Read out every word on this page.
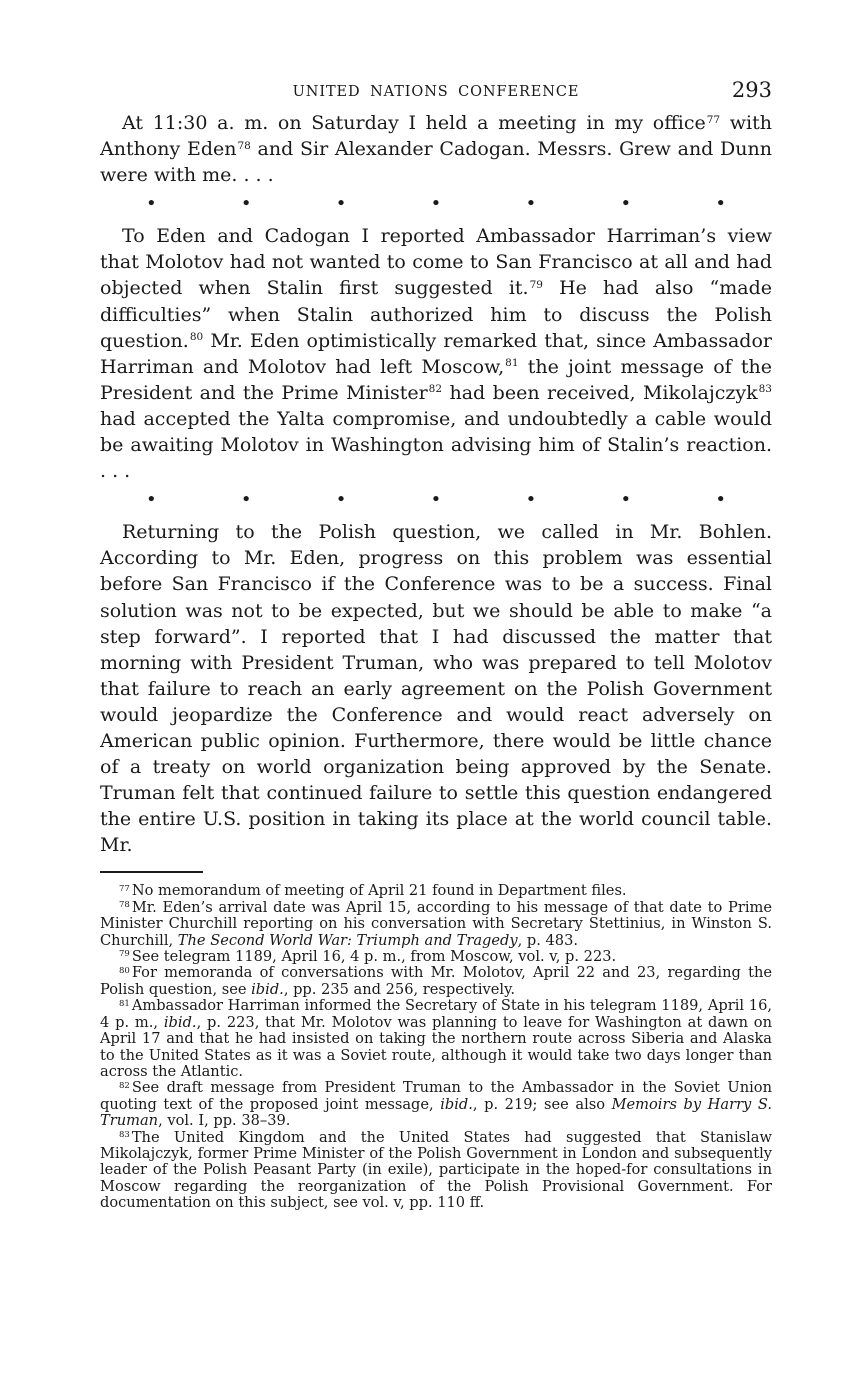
UNITED NATIONS CONFERENCE	293

At 11:30 a. m. on Saturday I held a meeting in my office$^{77}$ with Anthony Eden$^{78}$ and Sir Alexander Cadogan. Messrs. Grew and Dunn were with me. . . .

•	•	•	•	•	•	•

To Eden and Cadogan I reported Ambassador Harriman’s view that Molotov had not wanted to come to San Francisco at all and had objected when Stalin first suggested it.$^{79}$ He had also “made difficulties” when Stalin authorized him to discuss the Polish question.$^{80}$ Mr. Eden optimistically remarked that, since Ambassador Harriman and Molotov had left Moscow,$^{81}$ the joint message of the President and the Prime Minister$^{82}$ had been received, Mikolajczyk$^{83}$ had accepted the Yalta compromise, and undoubtedly a cable would be awaiting Molotov in Washington advising him of Stalin’s reaction. . . .

•	•	•	•	•	•	•

Returning to the Polish question, we called in Mr. Bohlen. According to Mr. Eden, progress on this problem was essential before San Francisco if the Conference was to be a success. Final solution was not to be expected, but we should be able to make “a step forward”. I reported that I had discussed the matter that morning with President Truman, who was prepared to tell Molotov that failure to reach an early agreement on the Polish Government would jeopardize the Conference and would react adversely on American public opinion. Furthermore, there would be little chance of a treaty on world organization being approved by the Senate. Truman felt that continued failure to settle this question endangered the entire U.S. position in taking its place at the world council table. Mr.

$^{77}$ No memorandum of meeting of April 21 found in Department files.

$^{78}$ Mr. Eden’s arrival date was April 15, according to his message of that date to Prime Minister Churchill reporting on his conversation with Secretary Stettinius, in Winston S. Churchill, The Second World War: Triumph and Tragedy, p. 483.

$^{79}$ See telegram 1189, April 16, 4 p. m., from Moscow, vol. v, p. 223.

$^{80}$ For memoranda of conversations with Mr. Molotov, April 22 and 23, regarding the Polish question, see ibid., pp. 235 and 256, respectively.

$^{81}$ Ambassador Harriman informed the Secretary of State in his telegram 1189, April 16, 4 p. m., ibid., p. 223, that Mr. Molotov was planning to leave for Washington at dawn on April 17 and that he had insisted on taking the northern route across Siberia and Alaska to the United States as it was a Soviet route, although it would take two days longer than across the Atlantic.

$^{82}$ See draft message from President Truman to the Ambassador in the Soviet Union quoting text of the proposed joint message, ibid., p. 219; see also Memoirs by Harry S. Truman, vol. I, pp. 38–39.

$^{83}$ The United Kingdom and the United States had suggested that Stanislaw Mikolajczyk, former Prime Minister of the Polish Government in London and subsequently leader of the Polish Peasant Party (in exile), participate in the hoped-for consultations in Moscow regarding the reorganization of the Polish Provisional Government. For documentation on this subject, see vol. v, pp. 110 ff.
